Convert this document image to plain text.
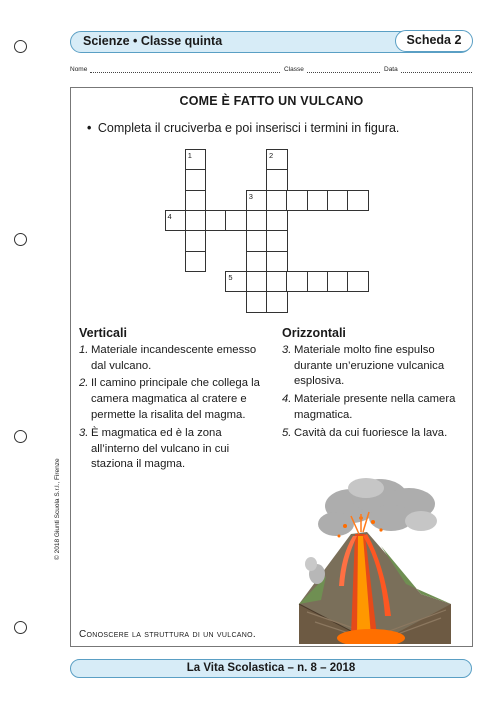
Scienze • Classe quinta	Scheda 2
Nome	Classe	Data
COME È FATTO UN VULCANO
• Completa il cruciverba e poi inserisci i termini in figura.
1	2
3
4
5
Verticali
1. Materiale incandescente emesso dal vulcano.
2. Il camino principale che collega la camera magmatica al cratere e permette la risalita del magma.
3. È magmatica ed è la zona all’interno del vulcano in cui staziona il magma.
Orizzontali
3. Materiale molto fine espulso durante un’eruzione vulcanica esplosiva.
4. Materiale presente nella camera magmatica.
5. Cavità da cui fuoriesce la lava.
Conoscere la struttura di un vulcano.
© 2018 Giunti Scuola S.r.l., Firenze
La Vita Scolastica – n. 8 – 2018
